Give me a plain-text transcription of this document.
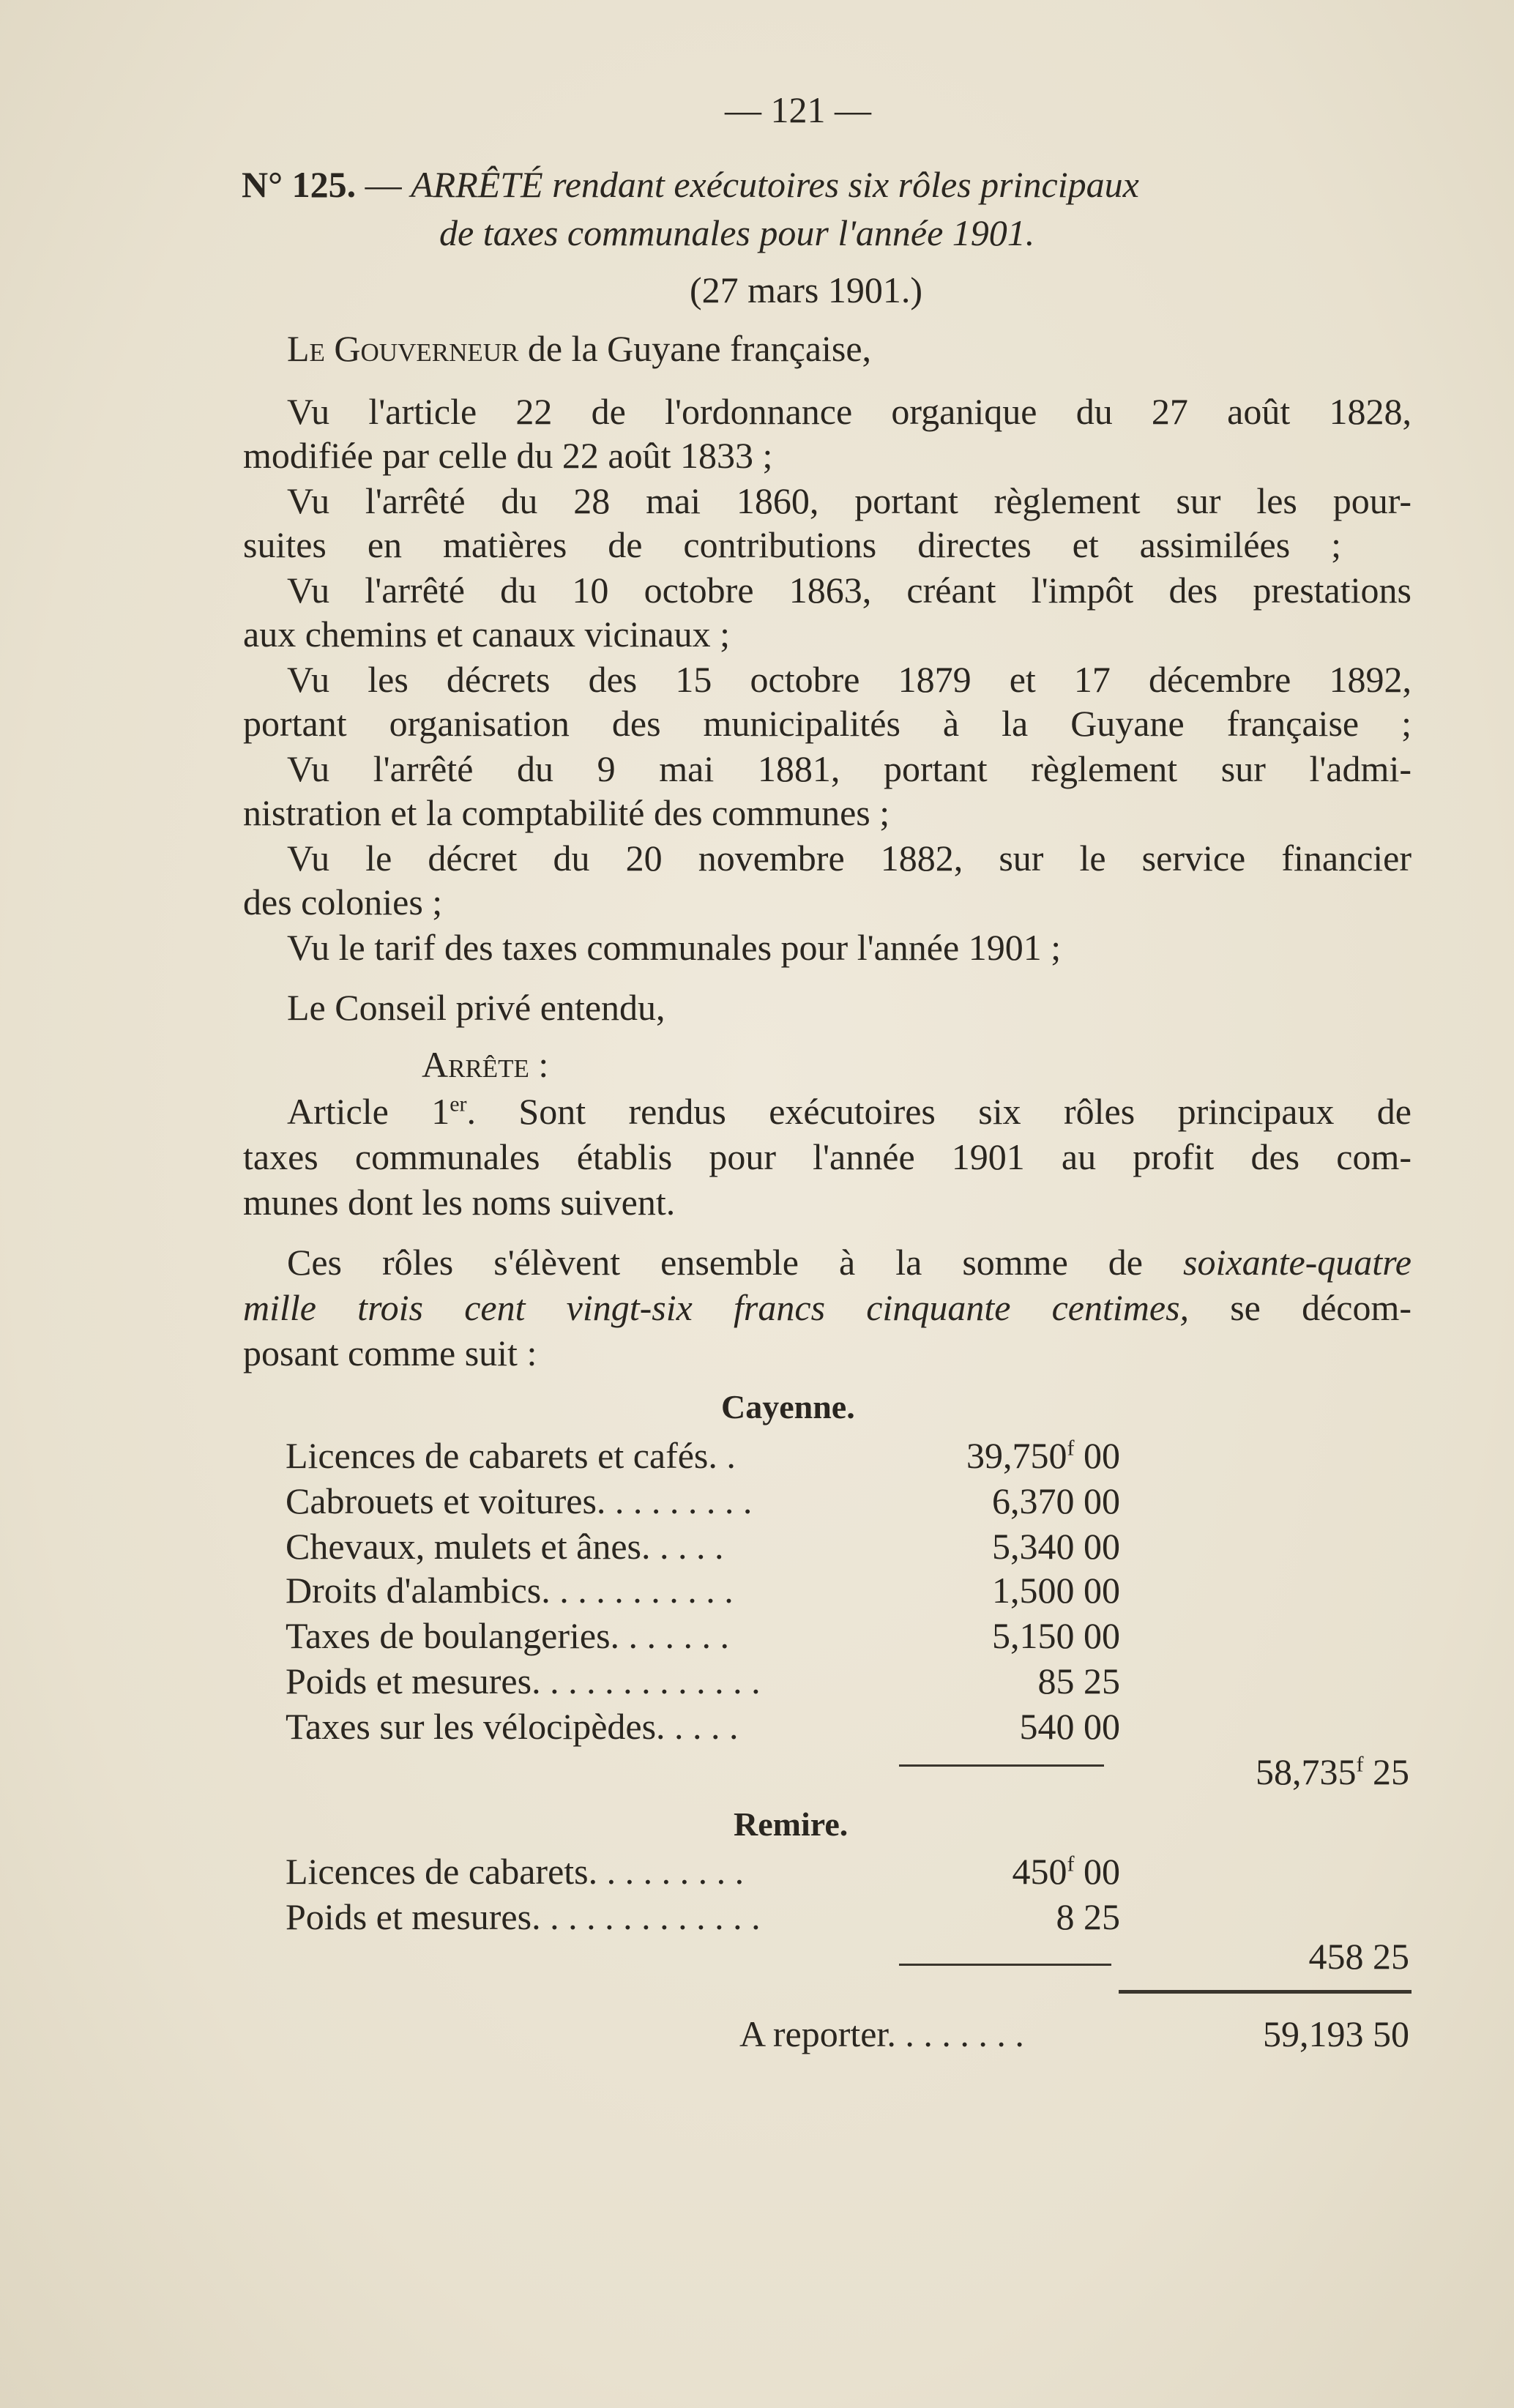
— 121 —
N° 125. — ARRÊTÉ rendant exécutoires six rôles principaux
de taxes communales pour l'année 1901.
(27 mars 1901.)
Le Gouverneur de la Guyane française,
Vu l'article 22 de l'ordonnance organique du 27 août 1828,
modifiée par celle du 22 août 1833 ;
Vu l'arrêté du 28 mai 1860, portant règlement sur les pour-
suites en matières de contributions directes et assimilées ;
Vu l'arrêté du 10 octobre 1863, créant l'impôt des prestations
aux chemins et canaux vicinaux ;
Vu les décrets des 15 octobre 1879 et 17 décembre 1892,
portant organisation des municipalités à la Guyane française ;
Vu l'arrêté du 9 mai 1881, portant règlement sur l'admi-
nistration et la comptabilité des communes ;
Vu le décret du 20 novembre 1882, sur le service financier
des colonies ;
Vu le tarif des taxes communales pour l'année 1901 ;
Le Conseil privé entendu,
Arrête :
Article 1er. Sont rendus exécutoires six rôles principaux de
taxes communales établis pour l'année 1901 au profit des com-
munes dont les noms suivent.
Ces rôles s'élèvent ensemble à la somme de soixante-quatre
mille trois cent vingt-six francs cinquante centimes, se décom-
posant comme suit :
Cayenne.
Licences de cabarets et cafés. .	39,750$^f$ 00
Cabrouets et voitures. . . . . . . . .	6,370 00
Chevaux, mulets et ânes. . . . .	5,340 00
Droits d'alambics. . . . . . . . . . .	1,500 00
Taxes de boulangeries. . . . . . .	5,150 00
Poids et mesures. . . . . . . . . . . . .	85 25
Taxes sur les vélocipèdes. . . . .	540 00
58,735$^f$ 25
Remire.
Licences de cabarets. . . . . . . . .	450$^f$ 00
Poids et mesures. . . . . . . . . . . . .	8 25
458 25
A reporter. . . . . . . .	59,193 50
